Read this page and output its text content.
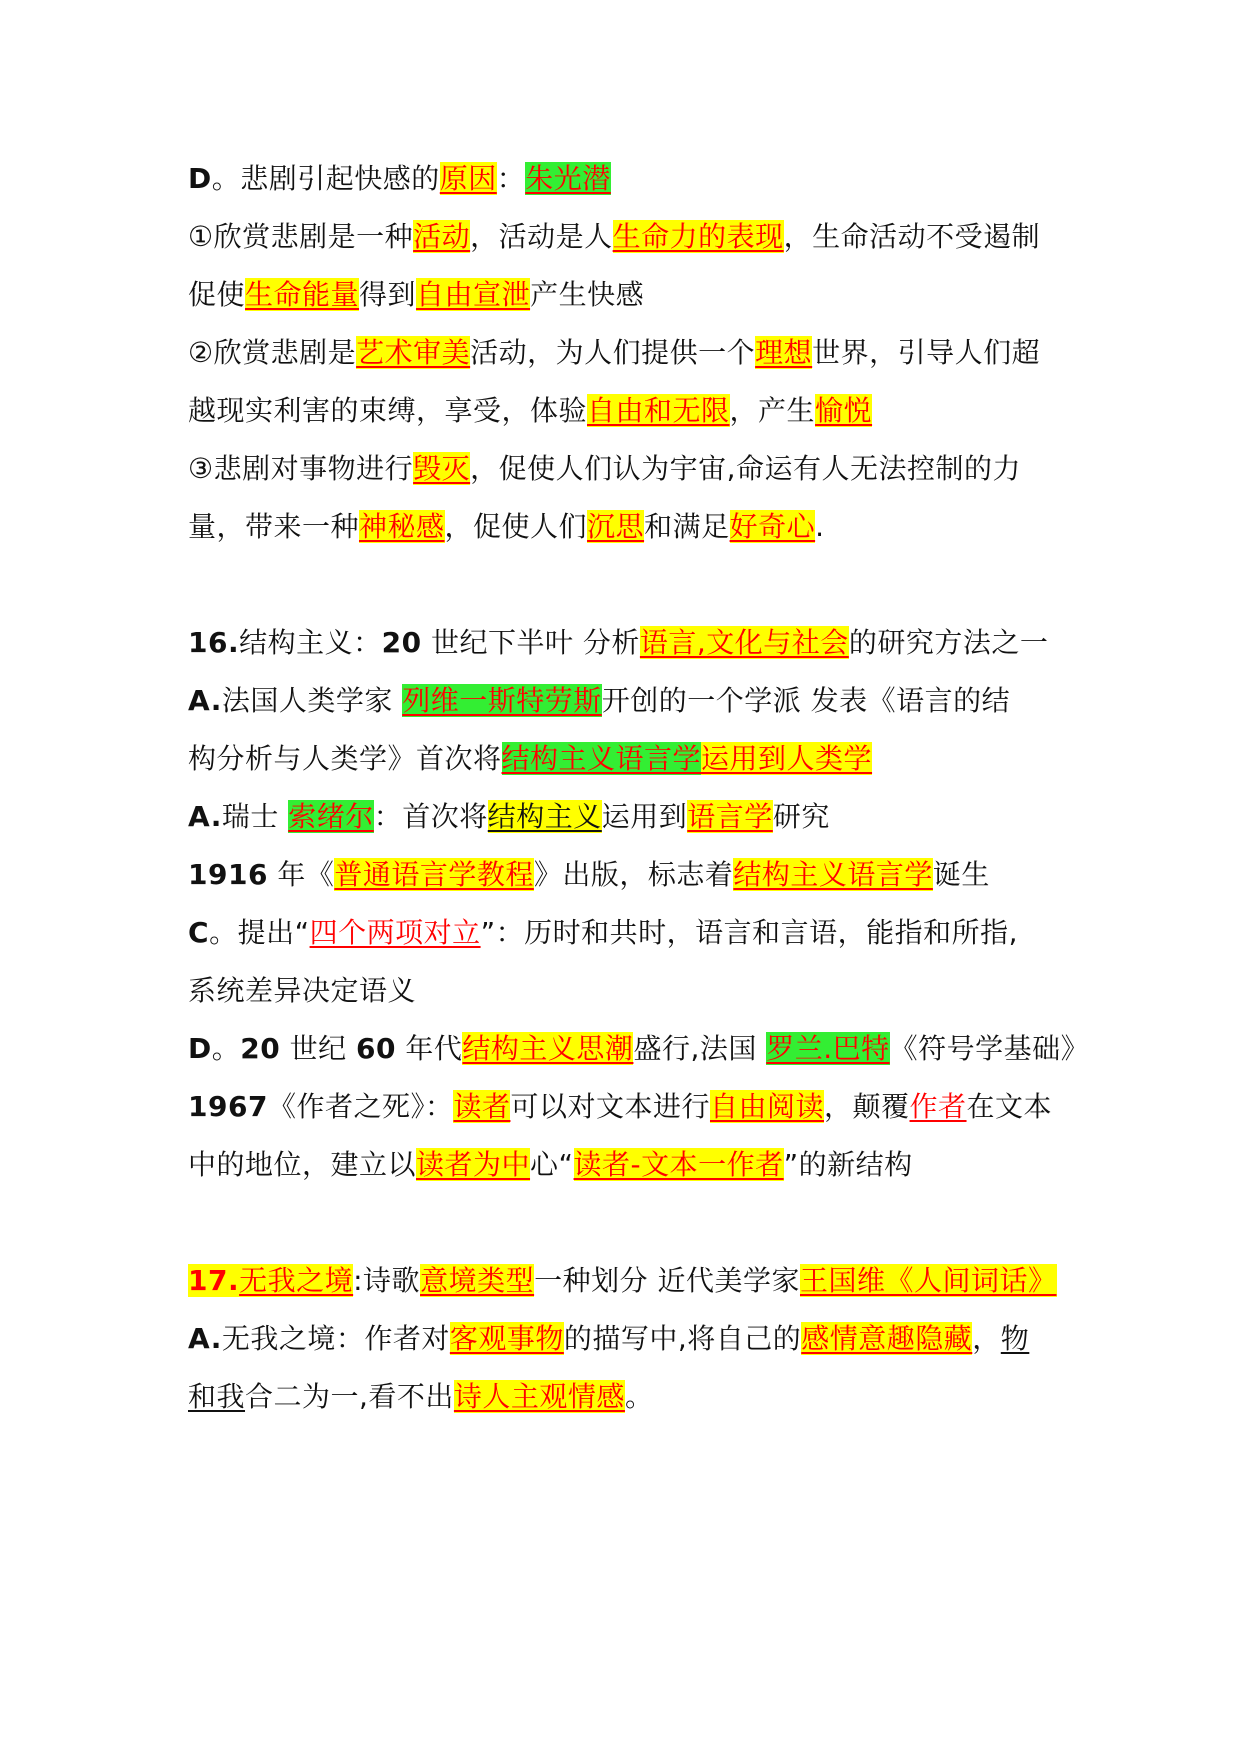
D。悲剧引起快感的原因：朱光潜
①欣赏悲剧是一种活动，活动是人生命力的表现，生命活动不受遏制
促使生命能量得到自由宣泄产生快感
②欣赏悲剧是艺术审美活动，为人们提供一个理想世界，引导人们超
越现实利害的束缚，享受，体验自由和无限，产生愉悦
③悲剧对事物进行毁灭，促使人们认为宇宙,命运有人无法控制的力
量，带来一种神秘感，促使人们沉思和满足好奇心.
16.结构主义：20 世纪下半叶 分析语言,文化与社会的研究方法之一
A.法国人类学家 列维一斯特劳斯开创的一个学派 发表《语言的结
构分析与人类学》首次将结构主义语言学运用到人类学
A.瑞士 索绪尔：首次将结构主义运用到语言学研究
1916 年《普通语言学教程》出版，标志着结构主义语言学诞生
C。提出“四个两项对立”：历时和共时，语言和言语，能指和所指,
系统差异决定语义
D。20 世纪 60 年代结构主义思潮盛行,法国 罗兰.巴特《符号学基础》
1967《作者之死》：读者可以对文本进行自由阅读，颠覆作者在文本
中的地位，建立以读者为中心“读者-文本一作者”的新结构
17.无我之境:诗歌意境类型一种划分 近代美学家王国维《人间词话》
A.无我之境：作者对客观事物的描写中,将自己的感情意趣隐藏，物
和我合二为一,看不出诗人主观情感。
